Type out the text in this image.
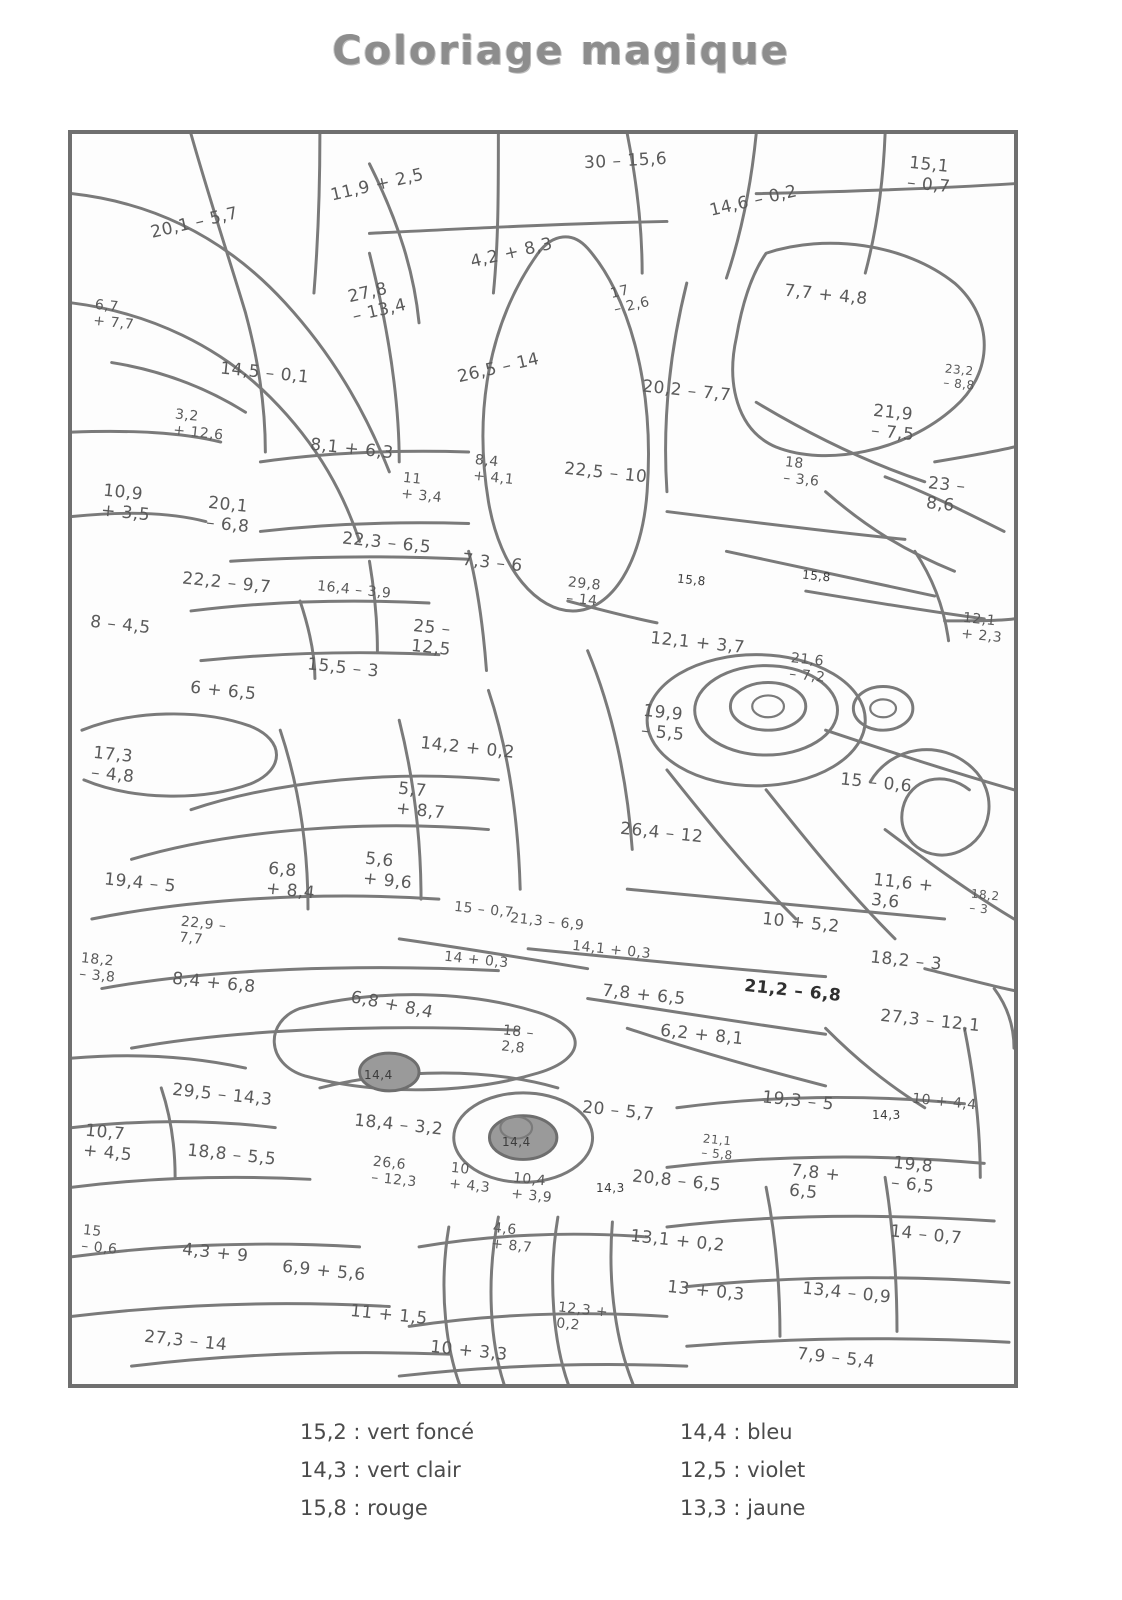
Coloriage magique
30 – 15,6
11,9 + 2,5	14,6 – 0,2
15,1
– 0,7
20,1 – 5,7
4,2 + 8,3
27,8
– 13,4
17
– 2,6	7,7 + 4,8
6,7
+ 7,7
14,5 – 0,1	26,5 – 14
20,2 – 7,7
23,2
– 8,8
3,2
+ 12,6
8,1 + 6,3	8,4
+ 4,1	22,5 – 10
21,9
– 7,5
10,9
+ 3,5	20,1
– 6,8
11
+ 3,4
18
– 3,6	23 –
8,6
22,3 – 6,5
7,3 – 6
15,8	15,8
22,2 – 9,7	16,4 – 3,9	29,8
– 14
12,1
+ 2,3
8 – 4,5	25 –
12,5	12,1 + 3,7
21,6
– 7,2
6 + 6,5
15,5 – 3
19,9
– 5,5
17,3
– 4,8
14,2 + 0,2
15 – 0,6
5,7
+ 8,7
26,4 – 12
19,4 – 5	6,8
+ 8,4
5,6
+ 9,6	11,6 +
3,6	18,2
– 3
15 – 0,7
21,3 – 6,9	10 + 5,2
22,9 –
7,7
14 + 0,3	14,1 + 0,3	18,2 – 3
18,2
– 3,8	8,4 + 6,8
14,4
6,8 + 8,4	7,8 + 6,5	21,2 – 6,8
27,3 – 12,1
14,4
18 –
2,8	6,2 + 8,1
29,5 – 14,3
18,4 – 3,2	20 – 5,7	19,3 – 5
14,3
10 + 4,4
10,7
+ 4,5	18,8 – 5,5	26,6
– 12,3
10
+ 4,3 10,4
+ 3,9	14,3 20,8 – 6,5
21,1
– 5,8
7,8 +
6,5
19,8
– 6,5
15
– 0,6	4,3 + 9
6,9 + 5,6
4,6
+ 8,7	13,1 + 0,2	14 – 0,7
27,3 – 14
11 + 1,5
10 + 3,3
12,3 +
0,2
13 + 0,3	13,4 – 0,9
7,9 – 5,4
15,2 : vert foncé
14,3 : vert clair
15,8 : rouge
14,4 : bleu
12,5 : violet
13,3 : jaune
